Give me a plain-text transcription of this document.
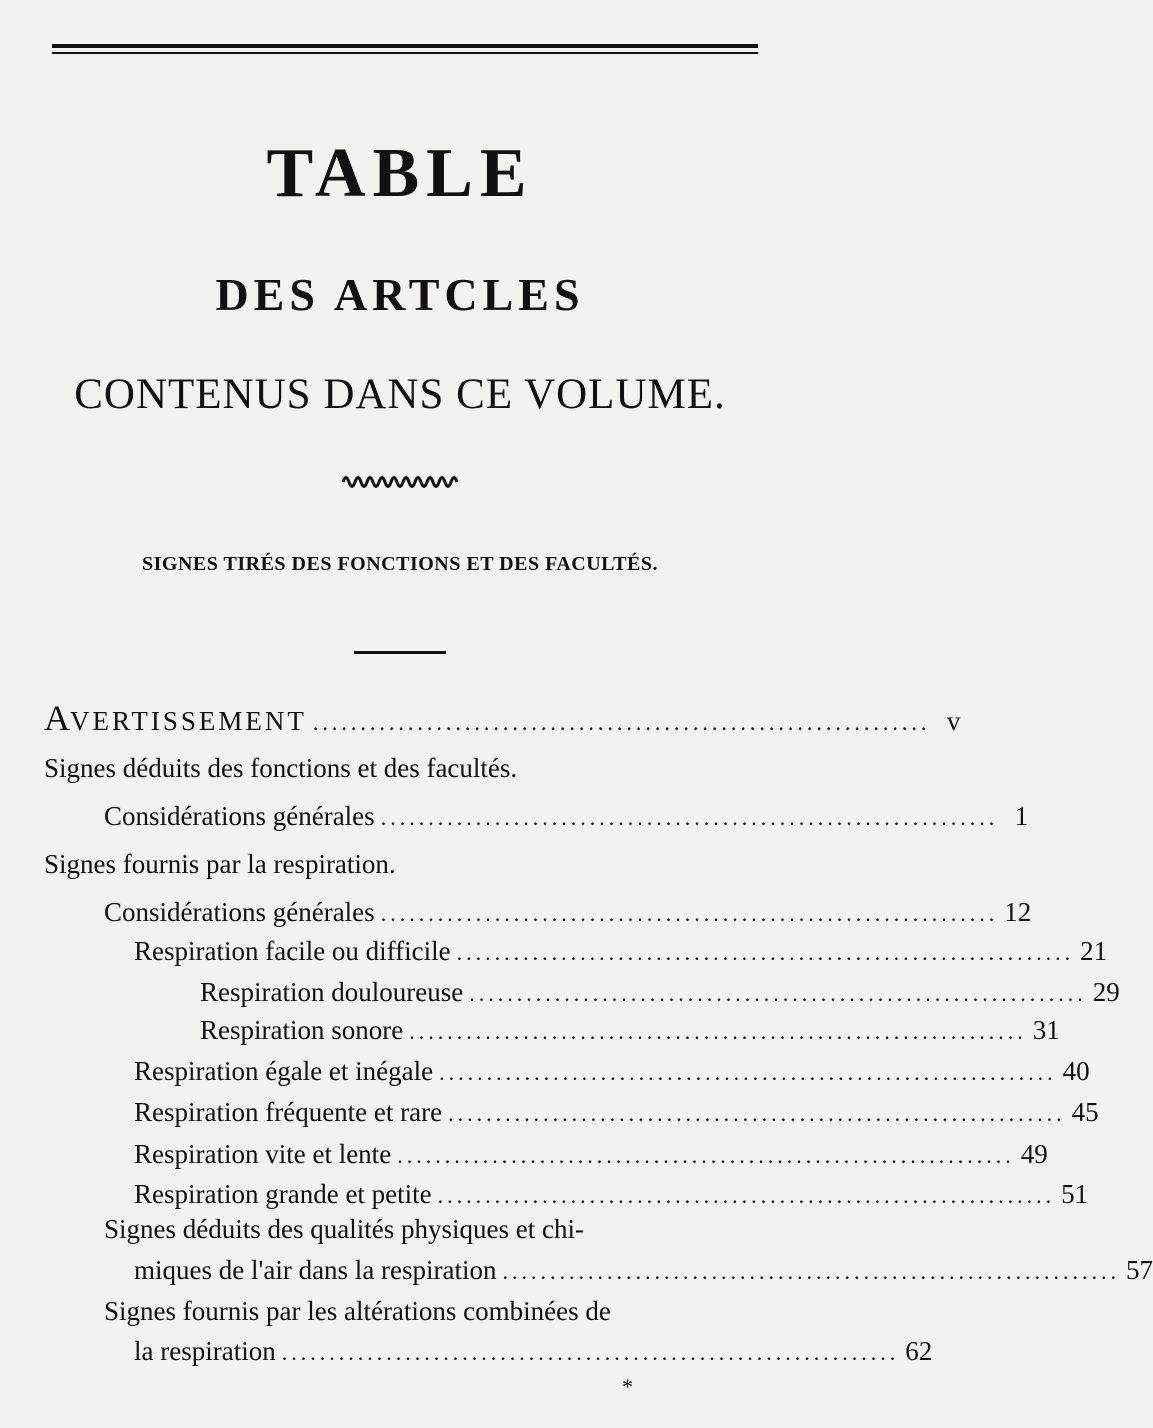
TABLE
DES ARTCLES
CONTENUS DANS CE VOLUME.
SIGNES TIRÉS DES FONCTIONS ET DES FACULTÉS.
AVERTISSEMENT ................................................................. v
Signes déduits des fonctions et des facultés.
Considérations générales ................................................................. 1
Signes fournis par la respiration.
Considérations générales ................................................................. 12
Respiration facile ou difficile ................................................................. 21
Respiration douloureuse ................................................................. 29
Respiration sonore ................................................................. 31
Respiration égale et inégale ................................................................. 40
Respiration fréquente et rare ................................................................. 45
Respiration vite et lente ................................................................. 49
Respiration grande et petite ................................................................. 51
Signes déduits des qualités physiques et chi-
miques de l'air dans la respiration ................................................................. 57
Signes fournis par les altérations combinées de
la respiration ................................................................. 62
*
